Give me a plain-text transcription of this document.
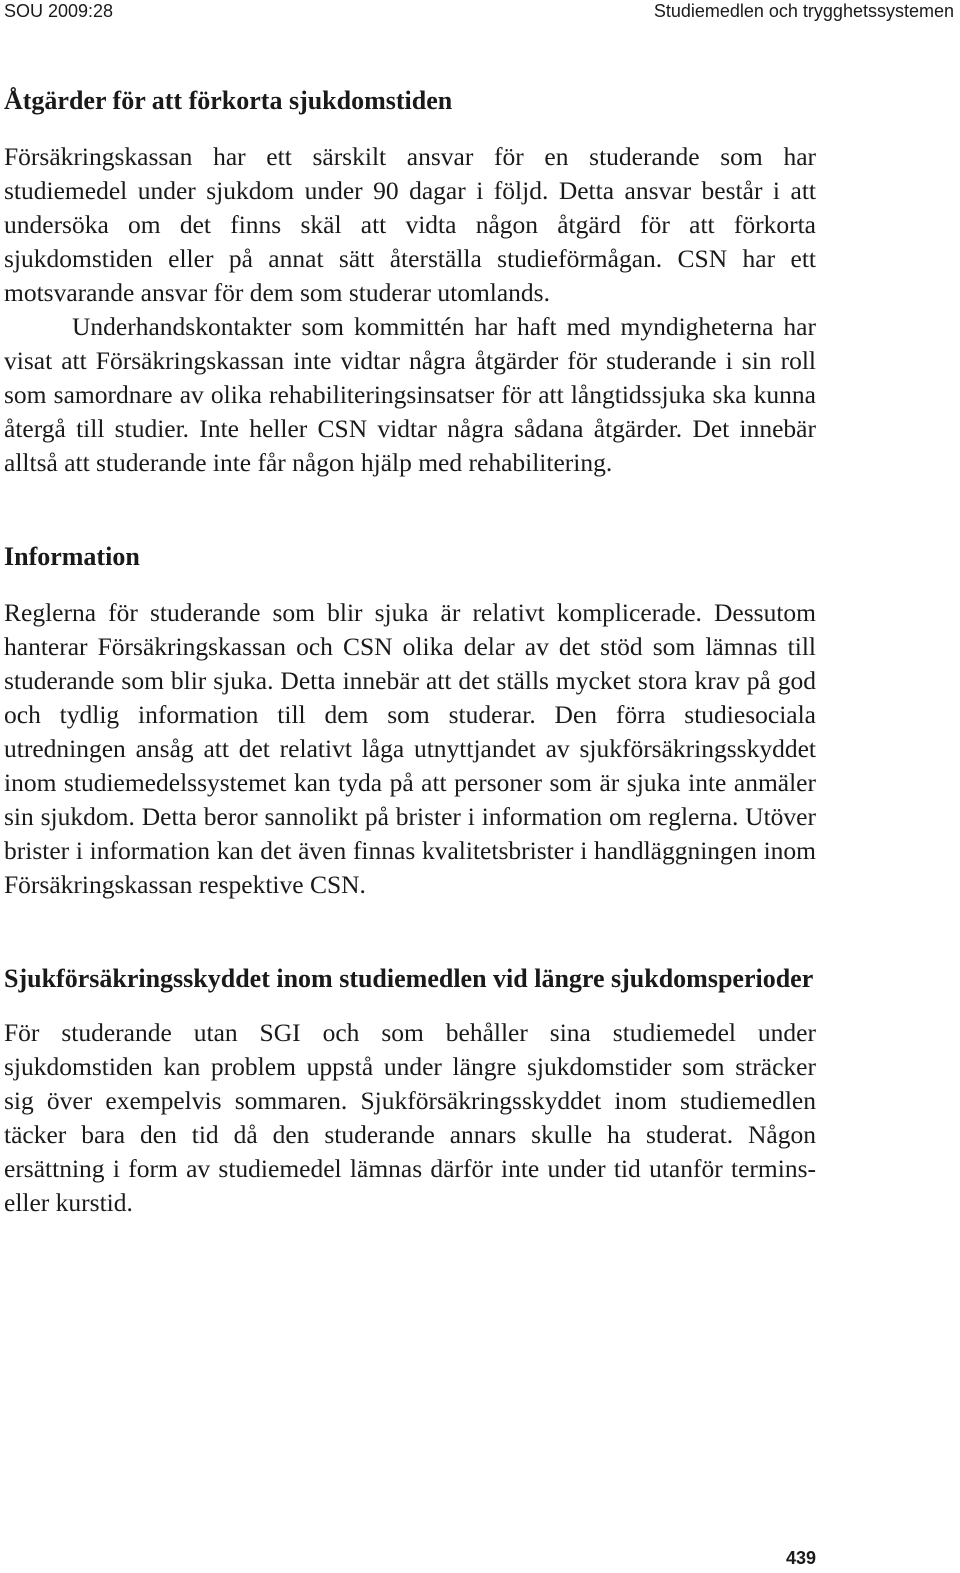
SOU 2009:28	Studiemedlen och trygghetssystemen
Åtgärder för att förkorta sjukdomstiden

Försäkringskassan har ett särskilt ansvar för en studerande som har studiemedel under sjukdom under 90 dagar i följd. Detta ansvar består i att undersöka om det finns skäl att vidta någon åtgärd för att förkorta sjukdomstiden eller på annat sätt återställa studieförmågan. CSN har ett motsvarande ansvar för dem som studerar utomlands.

Underhandskontakter som kommittén har haft med myndigheterna har visat att Försäkringskassan inte vidtar några åtgärder för studerande i sin roll som samordnare av olika rehabiliteringsinsatser för att långtidssjuka ska kunna återgå till studier. Inte heller CSN vidtar några sådana åtgärder. Det innebär alltså att studerande inte får någon hjälp med rehabilitering.

Information

Reglerna för studerande som blir sjuka är relativt komplicerade. Dessutom hanterar Försäkringskassan och CSN olika delar av det stöd som lämnas till studerande som blir sjuka. Detta innebär att det ställs mycket stora krav på god och tydlig information till dem som studerar. Den förra studiesociala utredningen ansåg att det relativt låga utnyttjandet av sjukförsäkringsskyddet inom studiemedelssystemet kan tyda på att personer som är sjuka inte anmäler sin sjukdom. Detta beror sannolikt på brister i information om reglerna. Utöver brister i information kan det även finnas kvalitetsbrister i handläggningen inom Försäkringskassan respektive CSN.

Sjukförsäkringsskyddet inom studiemedlen vid längre sjukdomsperioder

För studerande utan SGI och som behåller sina studiemedel under sjukdomstiden kan problem uppstå under längre sjukdomstider som sträcker sig över exempelvis sommaren. Sjukförsäkringsskyddet inom studiemedlen täcker bara den tid då den studerande annars skulle ha studerat. Någon ersättning i form av studiemedel lämnas därför inte under tid utanför termins- eller kurstid.

439
